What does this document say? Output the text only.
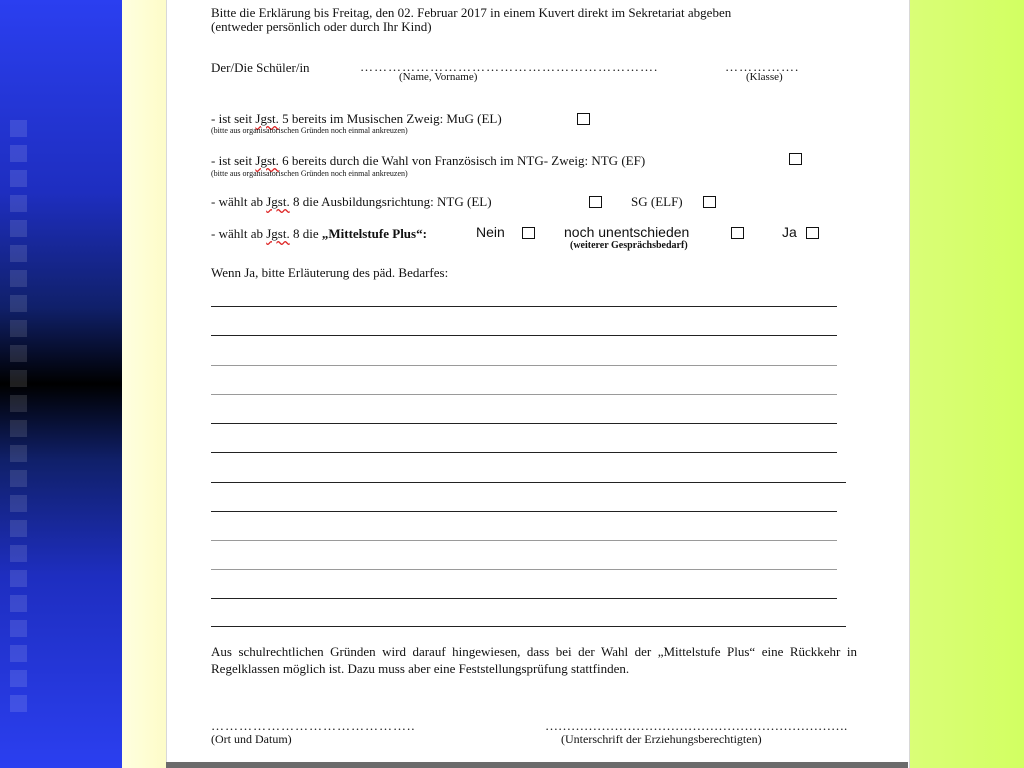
Bitte die Erklärung bis Freitag, den 02. Februar 2017 in einem Kuvert direkt im Sekretariat abgeben
(entweder persönlich oder durch Ihr Kind)
Der/Die Schüler/in	……………………………………………………….	…………….
(Name, Vorname)	(Klasse)
- ist seit Jgst. 5 bereits im Musischen Zweig: MuG (EL)
(bitte aus organisatorischen Gründen noch einmal ankreuzen)
- ist seit Jgst. 6 bereits durch die Wahl von Französisch im NTG- Zweig: NTG (EF)
(bitte aus organisatorischen Gründen noch einmal ankreuzen)
- wählt ab Jgst. 8 die Ausbildungsrichtung: NTG (EL)	SG (ELF)
- wählt ab Jgst. 8 die „Mittelstufe Plus“:	Nein	noch unentschieden	Ja
(weiterer Gesprächsbedarf)
Wenn Ja, bitte Erläuterung des päd. Bedarfes:
Aus schulrechtlichen Gründen wird darauf hingewiesen, dass bei der Wahl der „Mittelstufe Plus“ eine Rückkehr in Regelklassen möglich ist. Dazu muss aber eine Feststellungsprüfung stattfinden.
……………………………………..	…………………………………………………………….
(Ort und Datum)	(Unterschrift der Erziehungsberechtigten)
